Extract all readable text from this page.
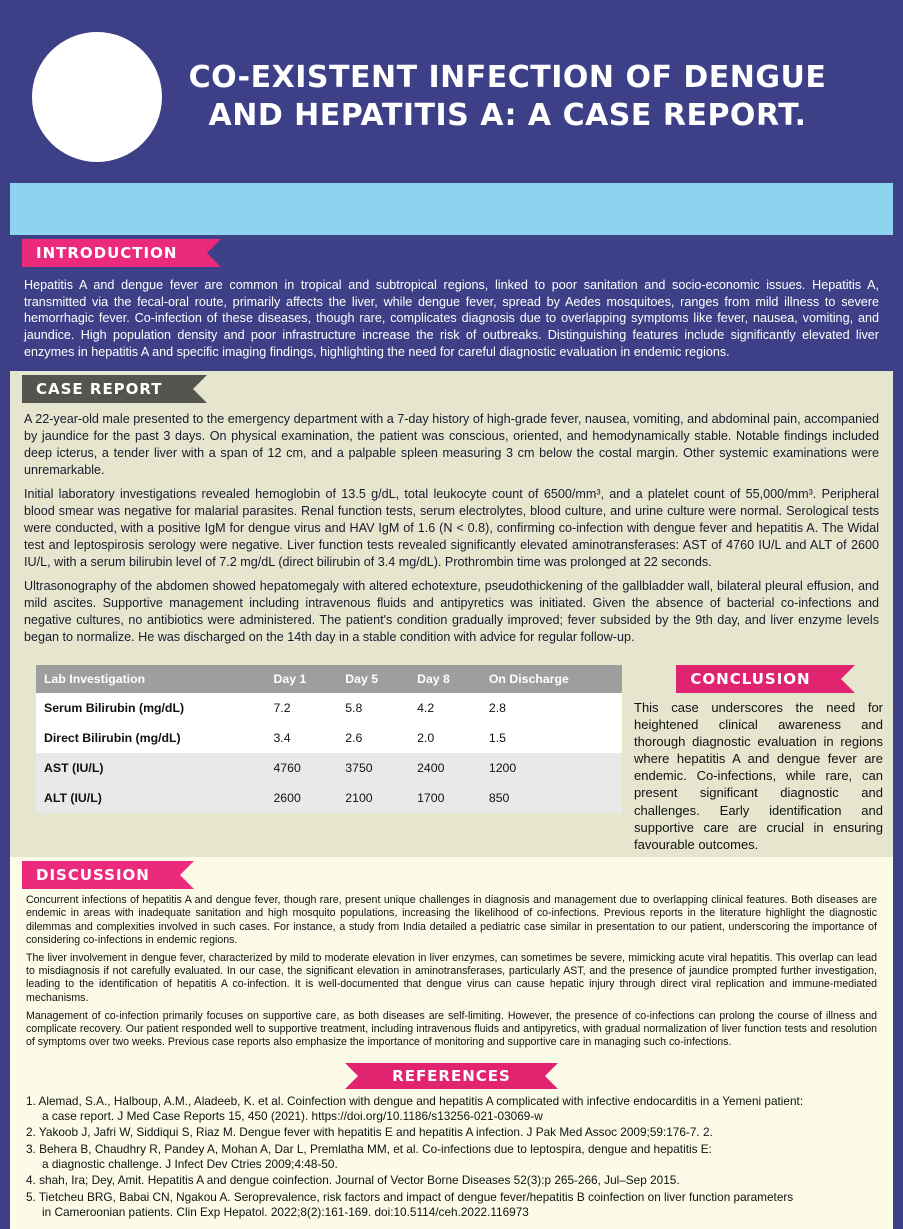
CO-EXISTENT INFECTION OF DENGUE
AND HEPATITIS A: A CASE REPORT.
INTRODUCTION
Hepatitis A and dengue fever are common in tropical and subtropical regions, linked to poor sanitation and socio-economic issues. Hepatitis A, transmitted via the fecal-oral route, primarily affects the liver, while dengue fever, spread by Aedes mosquitoes, ranges from mild illness to severe hemorrhagic fever. Co-infection of these diseases, though rare, complicates diagnosis due to overlapping symptoms like fever, nausea, vomiting, and jaundice. High population density and poor infrastructure increase the risk of outbreaks. Distinguishing features include significantly elevated liver enzymes in hepatitis A and specific imaging findings, highlighting the need for careful diagnostic evaluation in endemic regions.
CASE REPORT

A 22-year-old male presented to the emergency department with a 7-day history of high-grade fever, nausea, vomiting, and abdominal pain, accompanied by jaundice for the past 3 days. On physical examination, the patient was conscious, oriented, and hemodynamically stable. Notable findings included deep icterus, a tender liver with a span of 12 cm, and a palpable spleen measuring 3 cm below the costal margin. Other systemic examinations were unremarkable.

Initial laboratory investigations revealed hemoglobin of 13.5 g/dL, total leukocyte count of 6500/mm³, and a platelet count of 55,000/mm³. Peripheral blood smear was negative for malarial parasites. Renal function tests, serum electrolytes, blood culture, and urine culture were normal. Serological tests were conducted, with a positive IgM for dengue virus and HAV IgM of 1.6 (N < 0.8), confirming co-infection with dengue fever and hepatitis A. The Widal test and leptospirosis serology were negative. Liver function tests revealed significantly elevated aminotransferases: AST of 4760 IU/L and ALT of 2600 IU/L, with a serum bilirubin level of 7.2 mg/dL (direct bilirubin of 3.4 mg/dL). Prothrombin time was prolonged at 22 seconds.

Ultrasonography of the abdomen showed hepatomegaly with altered echotexture, pseudothickening of the gallbladder wall, bilateral pleural effusion, and mild ascites. Supportive management including intravenous fluids and antipyretics was initiated. Given the absence of bacterial co-infections and negative cultures, no antibiotics were administered. The patient's condition gradually improved; fever subsided by the 9th day, and liver enzyme levels began to normalize. He was discharged on the 14th day in a stable condition with advice for regular follow-up.

Lab Investigation	Day 1	Day 5	Day 8	On Discharge
Serum Bilirubin (mg/dL)	7.2	5.8	4.2	2.8
Direct Bilirubin (mg/dL)	3.4	2.6	2.0	1.5
AST (IU/L)	4760	3750	2400	1200
ALT (IU/L)	2600	2100	1700	850
CONCLUSION
This case underscores the need for heightened clinical awareness and thorough diagnostic evaluation in regions where hepatitis A and dengue fever are endemic. Co-infections, while rare, can present significant diagnostic and challenges. Early identification and supportive care are crucial in ensuring favourable outcomes.
DISCUSSION

Concurrent infections of hepatitis A and dengue fever, though rare, present unique challenges in diagnosis and management due to overlapping clinical features. Both diseases are endemic in areas with inadequate sanitation and high mosquito populations, increasing the likelihood of co-infections. Previous reports in the literature highlight the diagnostic dilemmas and complexities involved in such cases. For instance, a study from India detailed a pediatric case similar in presentation to our patient, underscoring the importance of considering co-infections in endemic regions.

The liver involvement in dengue fever, characterized by mild to moderate elevation in liver enzymes, can sometimes be severe, mimicking acute viral hepatitis. This overlap can lead to misdiagnosis if not carefully evaluated. In our case, the significant elevation in aminotransferases, particularly AST, and the presence of jaundice prompted further investigation, leading to the identification of hepatitis A co-infection. It is well-documented that dengue virus can cause hepatic injury through direct viral replication and immune-mediated mechanisms.

Management of co-infection primarily focuses on supportive care, as both diseases are self-limiting. However, the presence of co-infections can prolong the course of illness and complicate recovery. Our patient responded well to supportive treatment, including intravenous fluids and antipyretics, with gradual normalization of liver function tests and resolution of symptoms over two weeks. Previous case reports also emphasize the importance of monitoring and supportive care in managing such co-infections.

REFERENCES
1. Alemad, S.A., Halboup, A.M., Aladeeb, K. et al. Coinfection with dengue and hepatitis A complicated with infective endocarditis in a Yemeni patient:
a case report. J Med Case Reports 15, 450 (2021). https://doi.org/10.1186/s13256-021-03069-w
2. Yakoob J, Jafri W, Siddiqui S, Riaz M. Dengue fever with hepatitis E and hepatitis A infection. J Pak Med Assoc 2009;59:176-7. 2.
3. Behera B, Chaudhry R, Pandey A, Mohan A, Dar L, Premlatha MM, et al. Co-infections due to leptospira, dengue and hepatitis E:
a diagnostic challenge. J Infect Dev Ctries 2009;4:48-50.
4. shah, Ira; Dey, Amit. Hepatitis A and dengue coinfection. Journal of Vector Borne Diseases 52(3):p 265-266, Jul–Sep 2015.
5. Tietcheu BRG, Babai CN, Ngakou A. Seroprevalence, risk factors and impact of dengue fever/hepatitis B coinfection on liver function parameters
in Cameroonian patients. Clin Exp Hepatol. 2022;8(2):161-169. doi:10.5114/ceh.2022.116973
